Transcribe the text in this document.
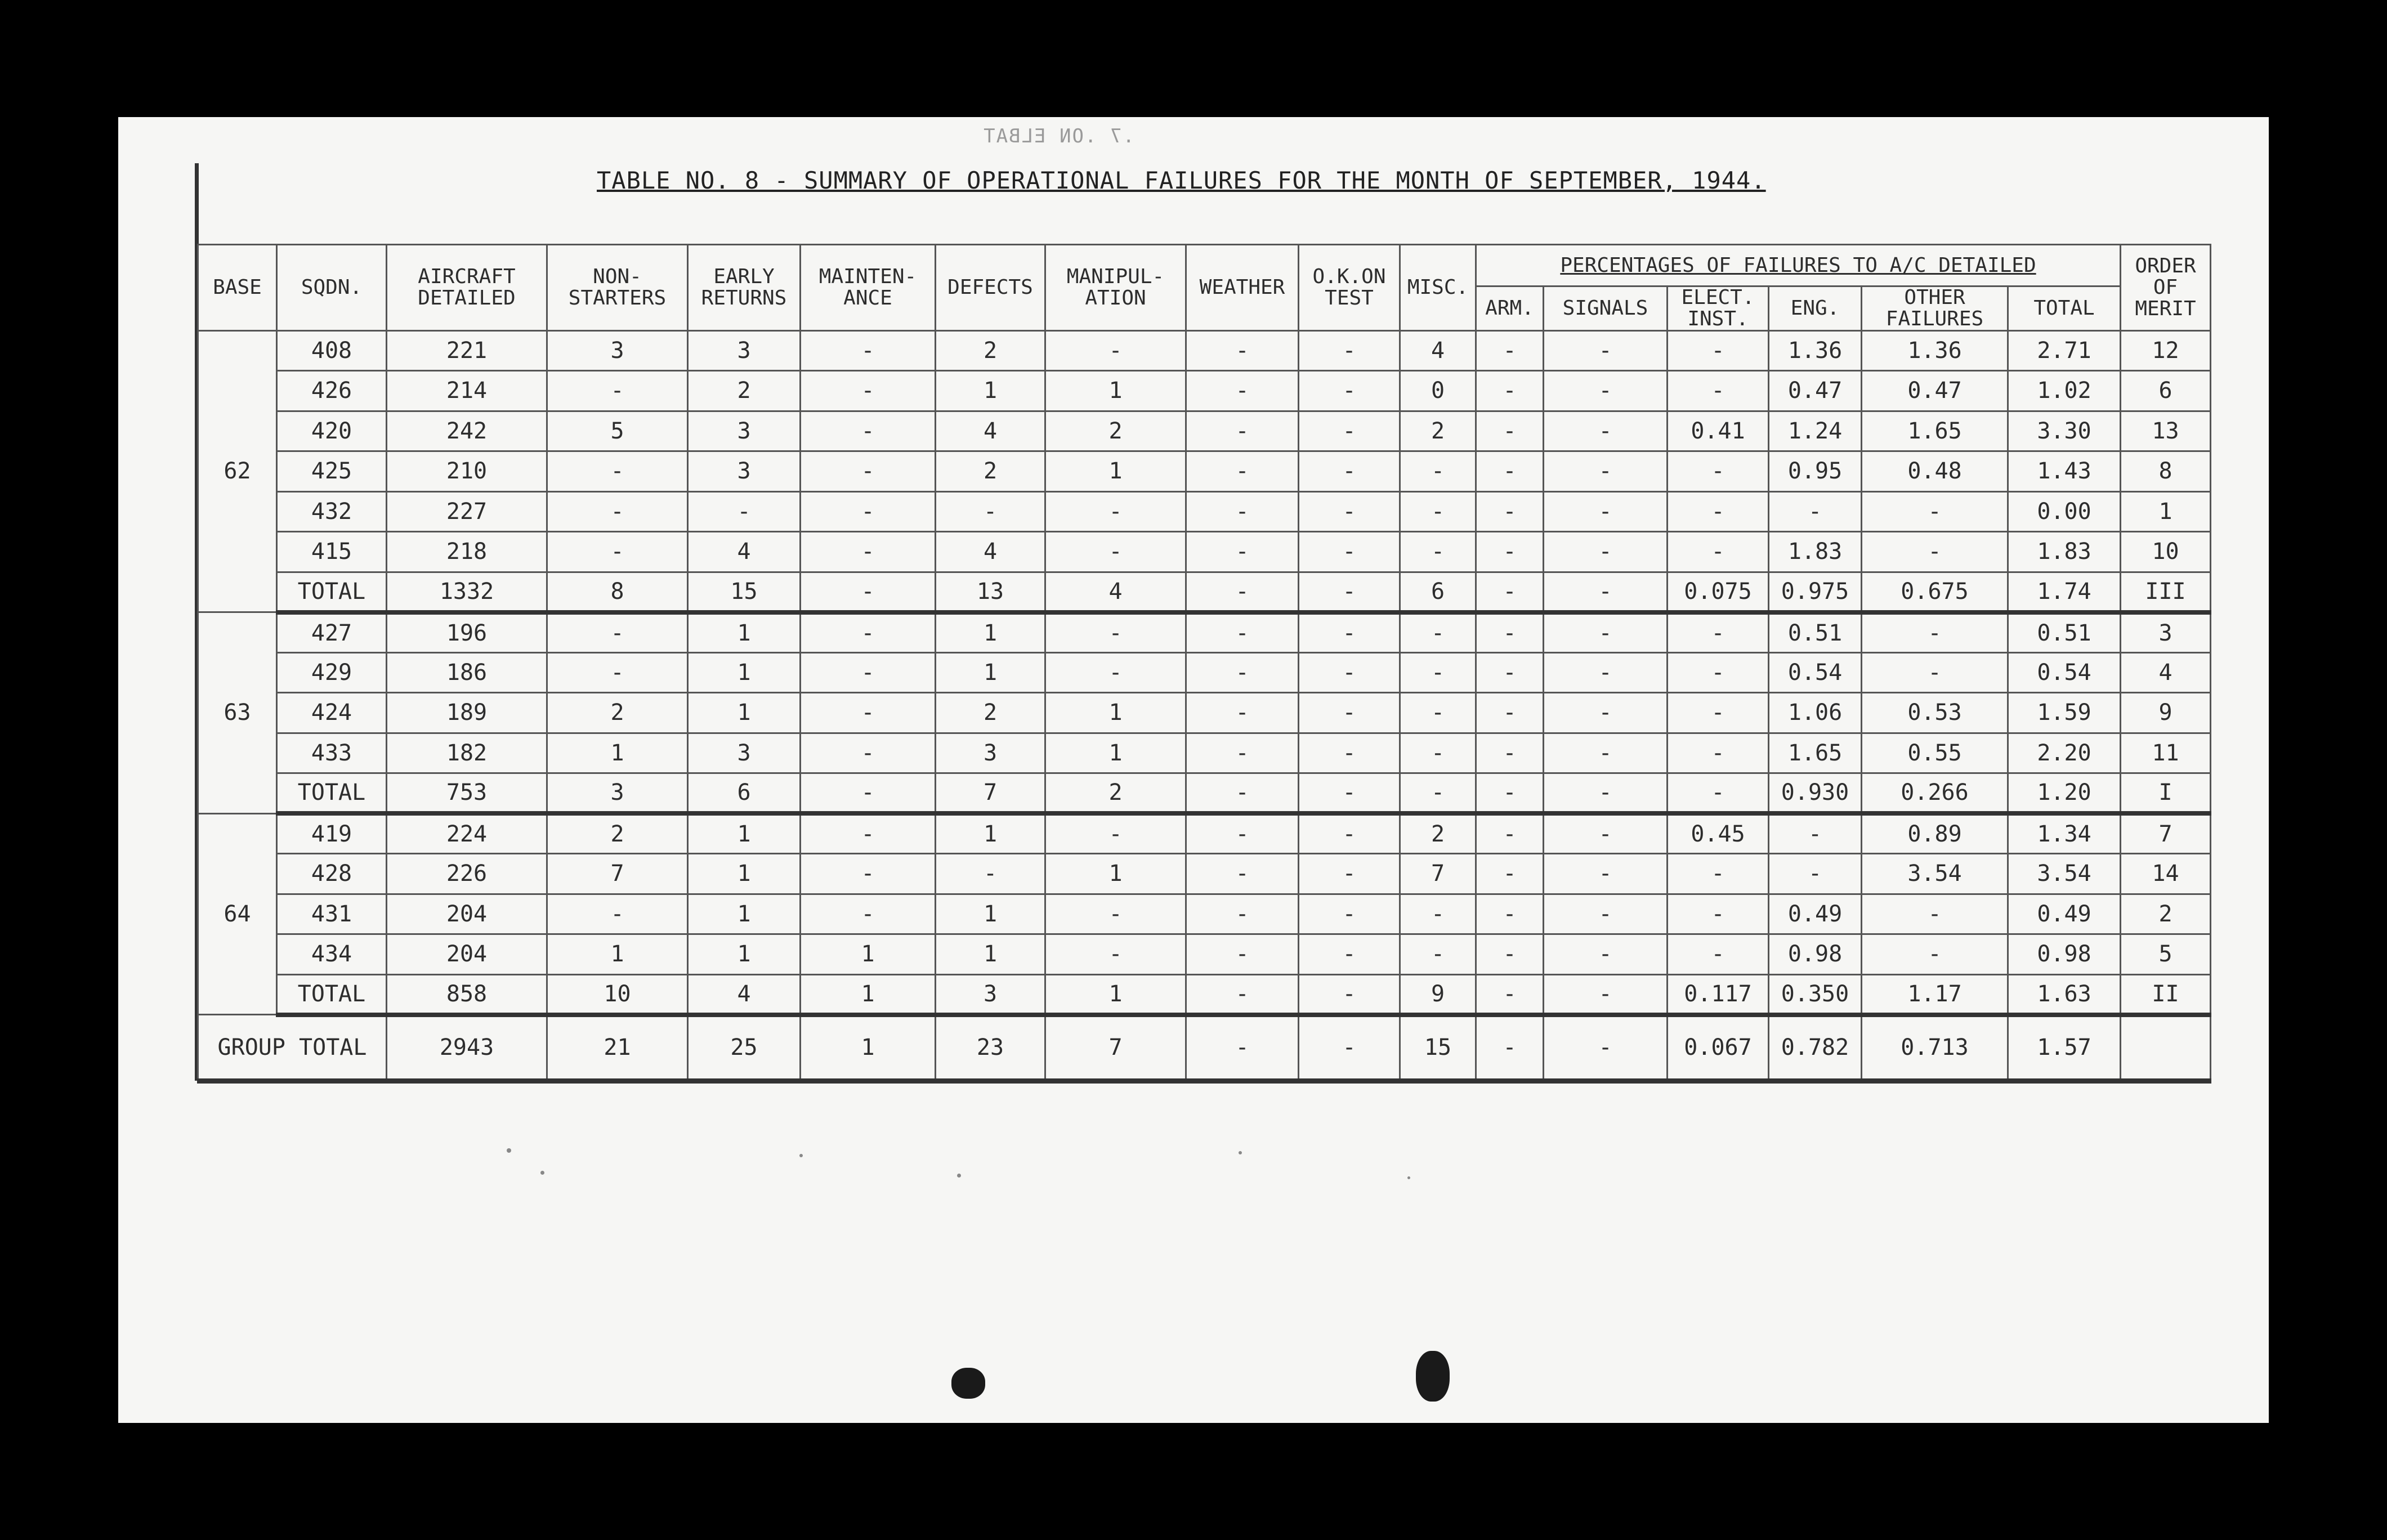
.7 .ON ELBAT
TABLE NO. 8 - SUMMARY OF OPERATIONAL FAILURES FOR THE MONTH OF SEPTEMBER, 1944.
BASE	SQDN.	AIRCRAFT DETAILED	NON-STARTERS	EARLY RETURNS	MAINTEN-ANCE	DEFECTS	MANIPUL-ATION	WEATHER	O.K.ON TEST	MISC.	PERCENTAGES OF FAILURES TO A/C DETAILED						ORDER OF MERIT
											ARM.	SIGNALS	ELECT. INST.	ENG.	OTHER FAILURES	TOTAL	
62	408	221	3	3	-	2	-	-	-	4	-	-	-	1.36	1.36	2.71	12
	426	214	-	2	-	1	1	-	-	0	-	-	-	0.47	0.47	1.02	6
	420	242	5	3	-	4	2	-	-	2	-	-	0.41	1.24	1.65	3.30	13
	425	210	-	3	-	2	1	-	-	-	-	-	-	0.95	0.48	1.43	8
	432	227	-	-	-	-	-	-	-	-	-	-	-	-	-	0.00	1
	415	218	-	4	-	4	-	-	-	-	-	-	-	1.83	-	1.83	10
	TOTAL	1332	8	15	-	13	4	-	-	6	-	-	0.075	0.975	0.675	1.74	III
63	427	196	-	1	-	1	-	-	-	-	-	-	-	0.51	-	0.51	3
	429	186	-	1	-	1	-	-	-	-	-	-	-	0.54	-	0.54	4
	424	189	2	1	-	2	1	-	-	-	-	-	-	1.06	0.53	1.59	9
	433	182	1	3	-	3	1	-	-	-	-	-	-	1.65	0.55	2.20	11
	TOTAL	753	3	6	-	7	2	-	-	-	-	-	-	0.930	0.266	1.20	I
64	419	224	2	1	-	1	-	-	-	2	-	-	0.45	-	0.89	1.34	7
	428	226	7	1	-	-	1	-	-	7	-	-	-	-	3.54	3.54	14
	431	204	-	1	-	1	-	-	-	-	-	-	-	0.49	-	0.49	2
	434	204	1	1	1	1	-	-	-	-	-	-	-	0.98	-	0.98	5
	TOTAL	858	10	4	1	3	1	-	-	9	-	-	0.117	0.350	1.17	1.63	II
GROUP TOTAL		2943	21	25	1	23	7	-	-	15	-	-	0.067	0.782	0.713	1.57	
